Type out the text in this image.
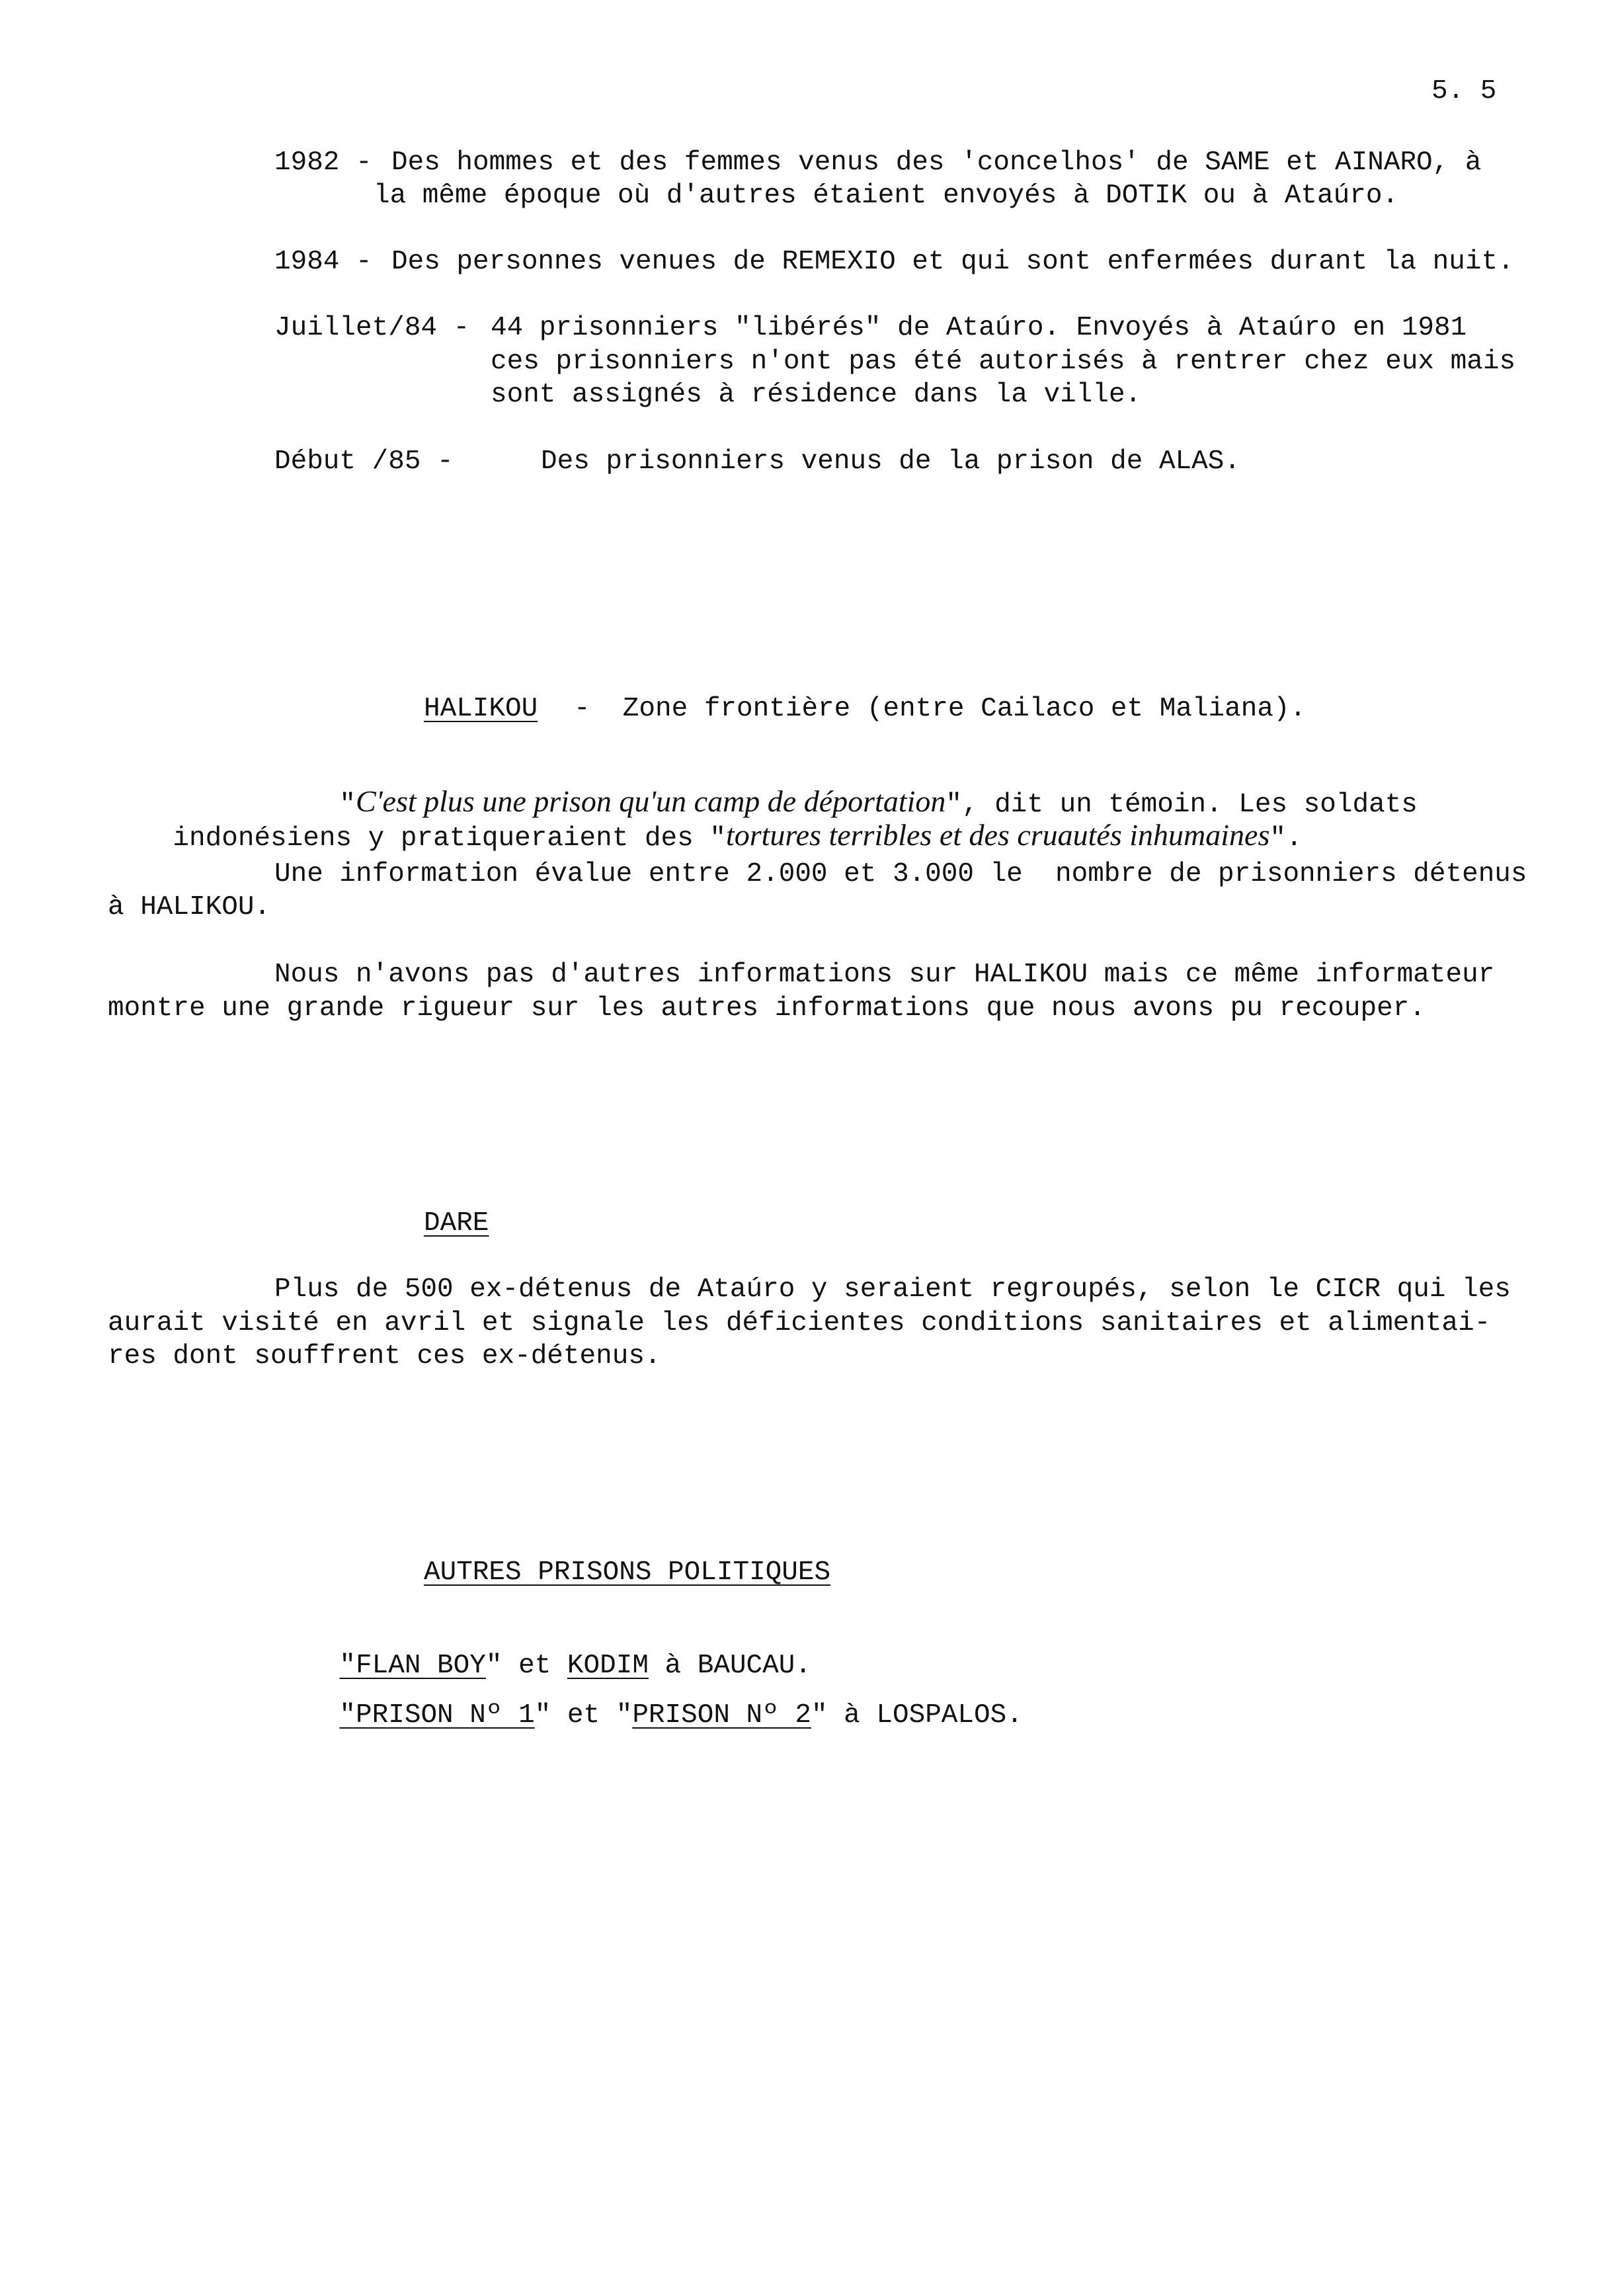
5. 5
1982 - Des hommes et des femmes venus des 'concelhos' de SAME et AINARO, à
la même époque où d'autres étaient envoyés à DOTIK ou à Ataúro.
1984 - Des personnes venues de REMEXIO et qui sont enfermées durant la nuit.
Juillet/84 - 44 prisonniers "libérés" de Ataúro. Envoyés à Ataúro en 1981
ces prisonniers n'ont pas été autorisés à rentrer chez eux mais
sont assignés à résidence dans la ville.
Début /85 -	Des prisonniers venus de la prison de ALAS.
HALIKOU -  Zone frontière (entre Cailaco et Maliana).

"C'est plus une prison qu'un camp de déportation", dit un témoin. Les soldats

indonésiens y pratiqueraient des "tortures terribles et des cruautés inhumaines".

Une information évalue entre 2.000 et 3.000 le  nombre de prisonniers détenus
à HALIKOU.
Nous n'avons pas d'autres informations sur HALIKOU mais ce même informateur
montre une grande rigueur sur les autres informations que nous avons pu recouper.
DARE
Plus de 500 ex-détenus de Ataúro y seraient regroupés, selon le CICR qui les
aurait visité en avril et signale les déficientes conditions sanitaires et alimentai-
res dont souffrent ces ex-détenus.
AUTRES PRISONS POLITIQUES

"FLAN BOY" et KODIM à BAUCAU.

"PRISON Nº 1" et "PRISON Nº 2" à LOSPALOS.
